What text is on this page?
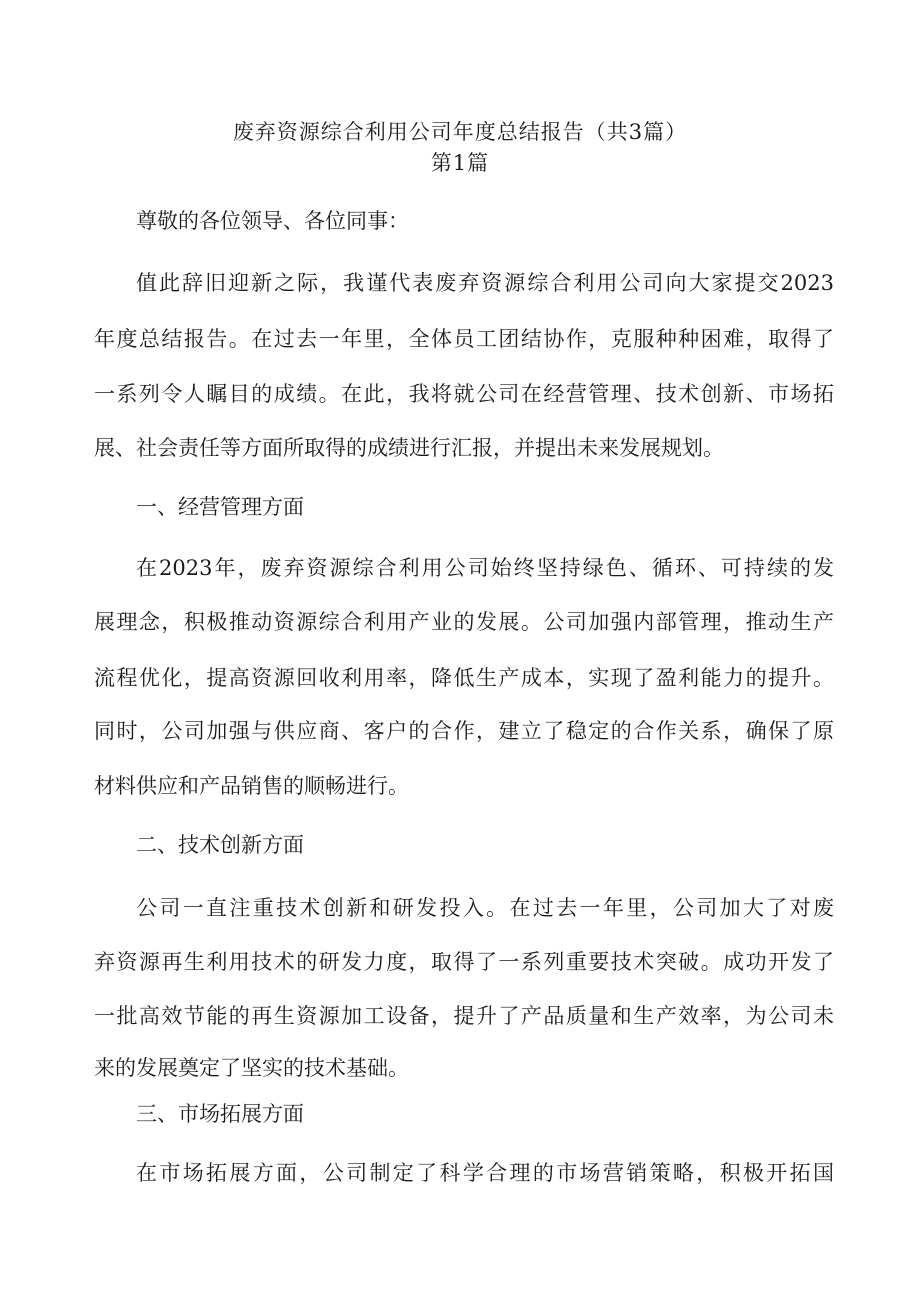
废弃资源综合利用公司年度总结报告（共3篇）
第1篇

尊敬的各位领导、各位同事：

值此辞旧迎新之际，我谨代表废弃资源综合利用公司向大家提交2023

年度总结报告。在过去一年里，全体员工团结协作，克服种种困难，取得了

一系列令人瞩目的成绩。在此，我将就公司在经营管理、技术创新、市场拓

展、社会责任等方面所取得的成绩进行汇报，并提出未来发展规划。

一、经营管理方面

在2023年，废弃资源综合利用公司始终坚持绿色、循环、可持续的发

展理念，积极推动资源综合利用产业的发展。公司加强内部管理，推动生产

流程优化，提高资源回收利用率，降低生产成本，实现了盈利能力的提升。

同时，公司加强与供应商、客户的合作，建立了稳定的合作关系，确保了原

材料供应和产品销售的顺畅进行。

二、技术创新方面

公司一直注重技术创新和研发投入。在过去一年里，公司加大了对废

弃资源再生利用技术的研发力度，取得了一系列重要技术突破。成功开发了

一批高效节能的再生资源加工设备，提升了产品质量和生产效率，为公司未

来的发展奠定了坚实的技术基础。

三、市场拓展方面

在市场拓展方面，公司制定了科学合理的市场营销策略，积极开拓国
